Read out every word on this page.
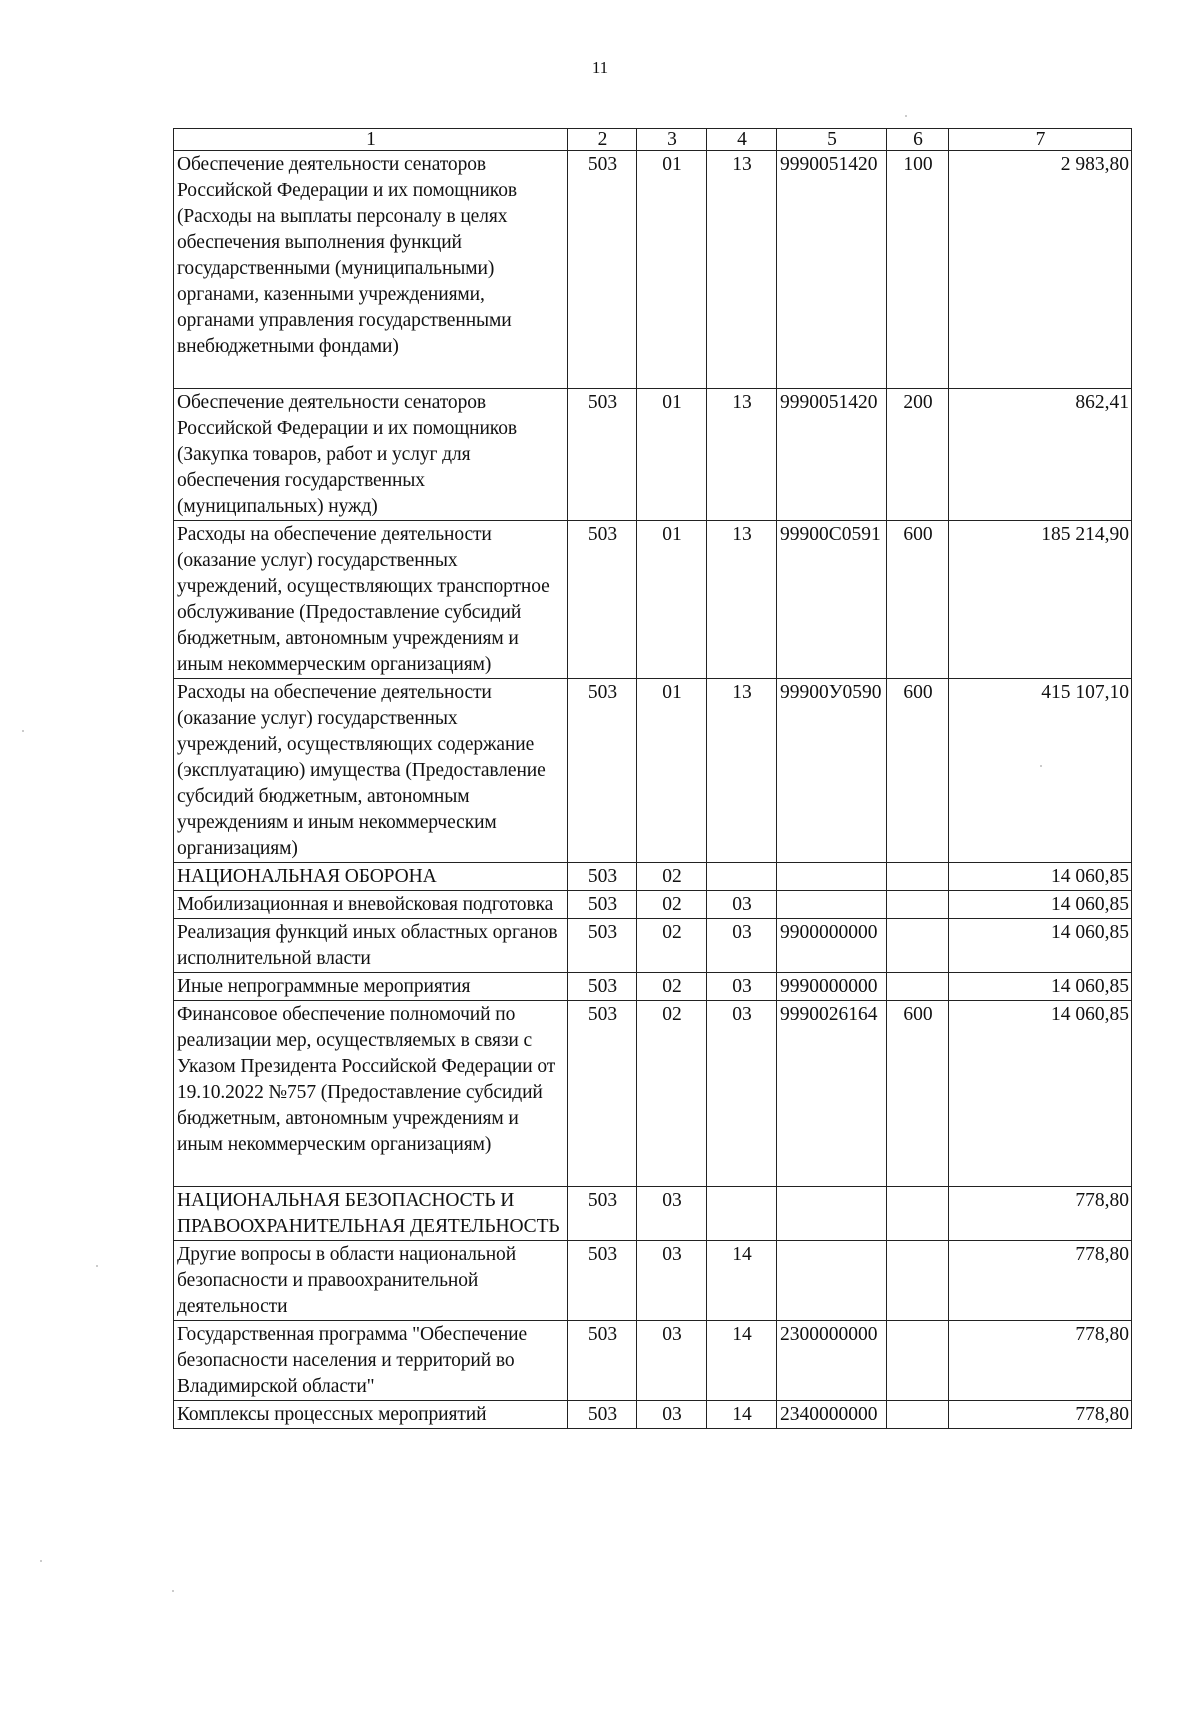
11
1	2	3	4	5	6	7
Обеспечение деятельности сенаторов Российской Федерации и их помощников (Расходы на выплаты персоналу в целях обеспечения выполнения функций государственными (муниципальными) органами, казенными учреждениями, органами управления государственными внебюджетными фондами)	503	01	13	9990051420	100	2 983,80
Обеспечение деятельности сенаторов Российской Федерации и их помощников (Закупка товаров, работ и услуг для обеспечения государственных (муниципальных) нужд)	503	01	13	9990051420	200	862,41
Расходы на обеспечение деятельности (оказание услуг) государственных учреждений, осуществляющих транспортное обслуживание (Предоставление субсидий бюджетным, автономным учреждениям и иным некоммерческим организациям)	503	01	13	99900С0591	600	185 214,90
Расходы на обеспечение деятельности (оказание услуг) государственных учреждений, осуществляющих содержание (эксплуатацию) имущества (Предоставление субсидий бюджетным, автономным учреждениям и иным некоммерческим организациям)	503	01	13	99900У0590	600	415 107,10
НАЦИОНАЛЬНАЯ ОБОРОНА	503	02				14 060,85
Мобилизационная и вневойсковая подготовка	503	02	03			14 060,85
Реализация функций иных областных органов исполнительной власти	503	02	03	9900000000		14 060,85
Иные непрограммные мероприятия	503	02	03	9990000000		14 060,85
Финансовое обеспечение полномочий по реализации мер, осуществляемых в связи с Указом Президента Российской Федерации от 19.10.2022 №757 (Предоставление субсидий бюджетным, автономным учреждениям и иным некоммерческим организациям)	503	02	03	9990026164	600	14 060,85
НАЦИОНАЛЬНАЯ БЕЗОПАСНОСТЬ И ПРАВООХРАНИТЕЛЬНАЯ ДЕЯТЕЛЬНОСТЬ	503	03				778,80
Другие вопросы в области национальной безопасности и правоохранительной деятельности	503	03	14			778,80
Государственная программа "Обеспечение безопасности населения и территорий во Владимирской области"	503	03	14	2300000000		778,80
Комплексы процессных мероприятий	503	03	14	2340000000		778,80
